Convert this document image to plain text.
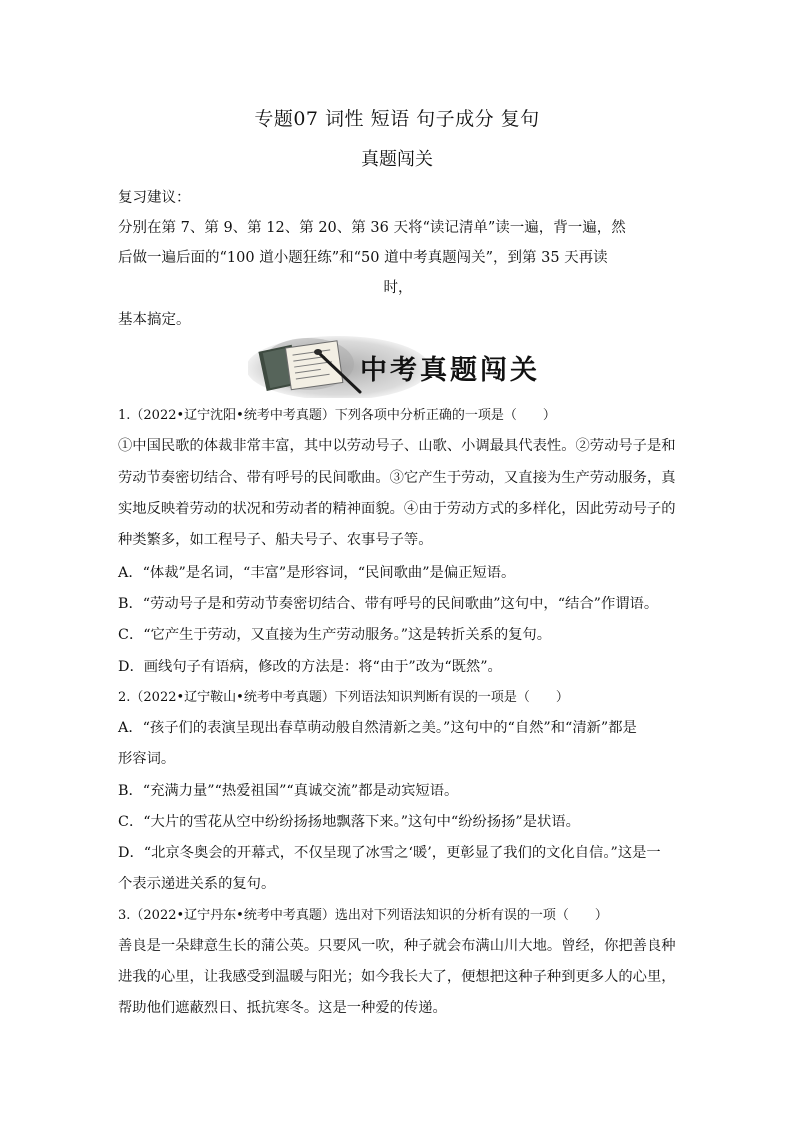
专题07 词性 短语 句子成分 复句
真题闯关
复习建议：
分别在第 7、第 9、第 12、第 20、第 36 天将“读记清单”读一遍，背一遍，然
后做一遍后面的“100 道小题狂练”和“50 道中考真题闯关”，到第 35 天再读
时，
基本搞定。
中考真题闯关
1.（2022•辽宁沈阳•统考中考真题）下列各项中分析正确的一项是（　　）
①中国民歌的体裁非常丰富，其中以劳动号子、山歌、小调最具代表性。②劳动号子是和
劳动节奏密切结合、带有呼号的民间歌曲。③它产生于劳动，又直接为生产劳动服务，真
实地反映着劳动的状况和劳动者的精神面貌。④由于劳动方式的多样化，因此劳动号子的
种类繁多，如工程号子、船夫号子、农事号子等。
A．“体裁”是名词，“丰富”是形容词，“民间歌曲”是偏正短语。
B．“劳动号子是和劳动节奏密切结合、带有呼号的民间歌曲”这句中，“结合”作谓语。
C．“它产生于劳动，又直接为生产劳动服务。”这是转折关系的复句。
D．画线句子有语病，修改的方法是：将“由于”改为“既然”。
2.（2022•辽宁鞍山•统考中考真题）下列语法知识判断有误的一项是（　　）
A．“孩子们的表演呈现出春草萌动般自然清新之美。”这句中的“自然”和“清新”都是
形容词。
B．“充满力量”“热爱祖国”“真诚交流”都是动宾短语。
C．“大片的雪花从空中纷纷扬扬地飘落下来。”这句中“纷纷扬扬”是状语。
D．“北京冬奥会的开幕式，不仅呈现了冰雪之‘暖’，更彰显了我们的文化自信。”这是一
个表示递进关系的复句。
3.（2022•辽宁丹东•统考中考真题）选出对下列语法知识的分析有误的一项（　　）
善良是一朵肆意生长的蒲公英。只要风一吹，种子就会布满山川大地。曾经，你把善良种
进我的心里，让我感受到温暖与阳光；如今我长大了，便想把这种子种到更多人的心里，
帮助他们遮蔽烈日、抵抗寒冬。这是一种爱的传递。
